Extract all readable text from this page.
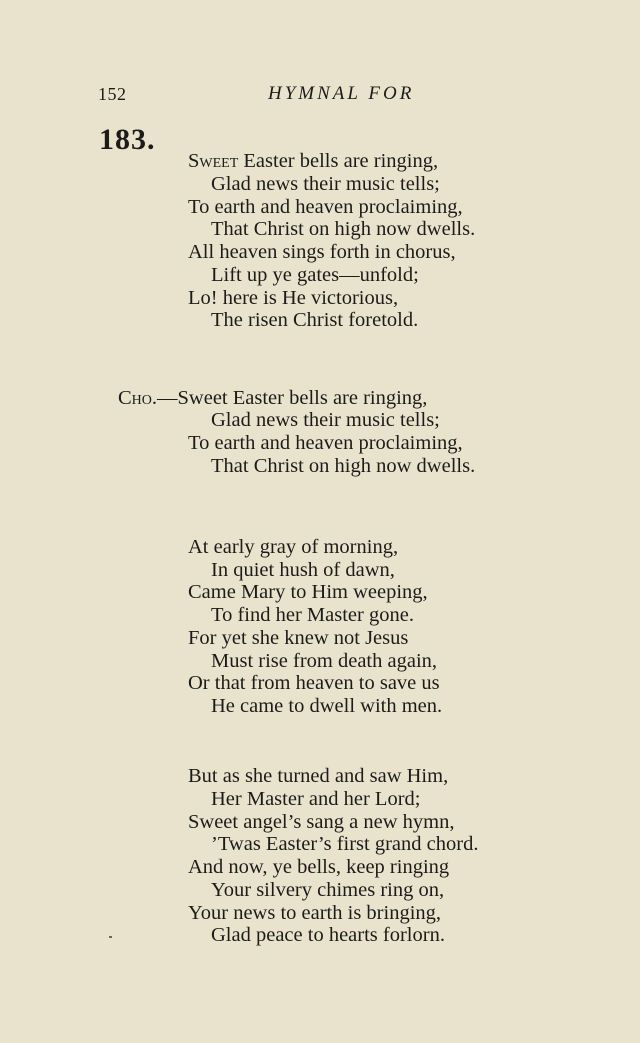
152	HYMNAL FOR
183.
Sweet Easter bells are ringing,
Glad news their music tells;
To earth and heaven proclaiming,
That Christ on high now dwells.
All heaven sings forth in chorus,
Lift up ye gates—unfold;
Lo! here is He victorious,
The risen Christ foretold.
Cho.—Sweet Easter bells are ringing,
Glad news their music tells;
To earth and heaven proclaiming,
That Christ on high now dwells.
At early gray of morning,
In quiet hush of dawn,
Came Mary to Him weeping,
To find her Master gone.
For yet she knew not Jesus
Must rise from death again,
Or that from heaven to save us
He came to dwell with men.
But as she turned and saw Him,
Her Master and her Lord;
Sweet angel’s sang a new hymn,
’Twas Easter’s first grand chord.
And now, ye bells, keep ringing
Your silvery chimes ring on,
Your news to earth is bringing,
Glad peace to hearts forlorn.
